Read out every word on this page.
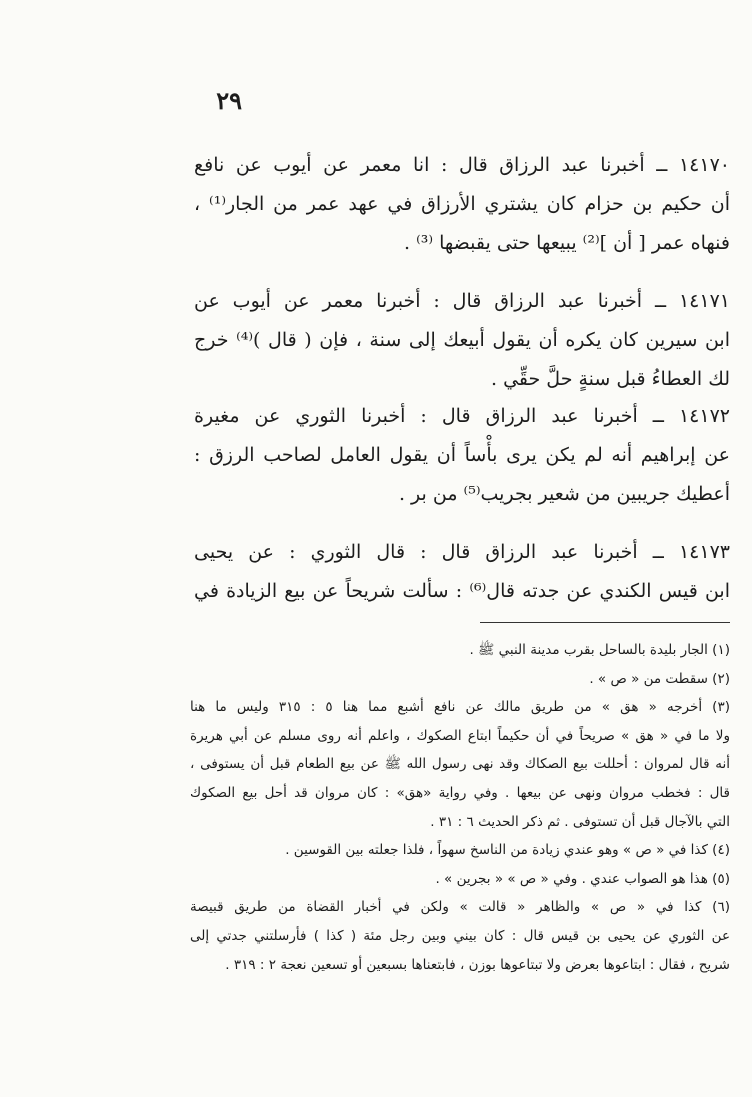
٢٩
١٤١٧٠ ــ أخبرنا عبد الرزاق قال : انا معمر عن أيوب عن نافع
أن حكيم بن حزام كان يشتري الأرزاق في عهد عمر من الجار⁽¹⁾ ،
فنهاه عمر [ أن ]⁽²⁾ يبيعها حتى يقبضها ⁽³⁾ .
١٤١٧١ ــ أخبرنا عبد الرزاق قال : أخبرنا معمر عن أيوب عن
ابن سيرين كان يكره أن يقول أبيعك إلى سنة ، فإن ( قال )⁽⁴⁾ خرج
لك العطاءُ قبل سنةٍ حلَّ حقِّي .
١٤١٧٢ ــ أخبرنا عبد الرزاق قال : أخبرنا الثوري عن مغيرة
عن إبراهيم أنه لم يكن يرى بأْساً أن يقول العامل لصاحب الرزق :
أعطيك جريبين من شعير بجريب⁽⁵⁾ من بر .
١٤١٧٣ ــ أخبرنا عبد الرزاق قال : قال الثوري : عن يحيى
ابن قيس الكندي عن جدته قال⁽⁶⁾ : سألت شريحاً عن بيع الزيادة في
(١) الجار بليدة بالساحل بقرب مدينة النبي ﷺ .
(٢) سقطت من « ص » .
(٣) أخرجه « هق » من طريق مالك عن نافع أشبع مما هنا ٥ : ٣١٥ وليس ما هنا
ولا ما في « هق » صريحاً في أن حكيماً ابتاع الصكوك ، واعلم أنه روى مسلم عن أبي هريرة
أنه قال لمروان : أحللت بيع الصكاك وقد نهى رسول الله ﷺ عن بيع الطعام قبل أن يستوفى ،
قال : فخطب مروان ونهى عن بيعها . وفي رواية «هق» : كان مروان قد أحل بيع الصكوك
التي بالآجال قبل أن تستوفى . ثم ذكر الحديث ٦ : ٣١ .
(٤) كذا في « ص » وهو عندي زيادة من الناسخ سهواً ، فلذا جعلته بين القوسين .
(٥) هذا هو الصواب عندي . وفي « ص » « بجرين » .
(٦) كذا في « ص » والظاهر « قالت » ولكن في أخبار القضاة من طريق قبيصة
عن الثوري عن يحيى بن قيس قال : كان بيني وبين رجل مئة ( كذا ) فأرسلتني جدتي إلى
شريح ، فقال : ابتاعوها بعرض ولا تبتاعوها بوزن ، فابتعناها بسبعين أو تسعين نعجة ٢ : ٣١٩ .
